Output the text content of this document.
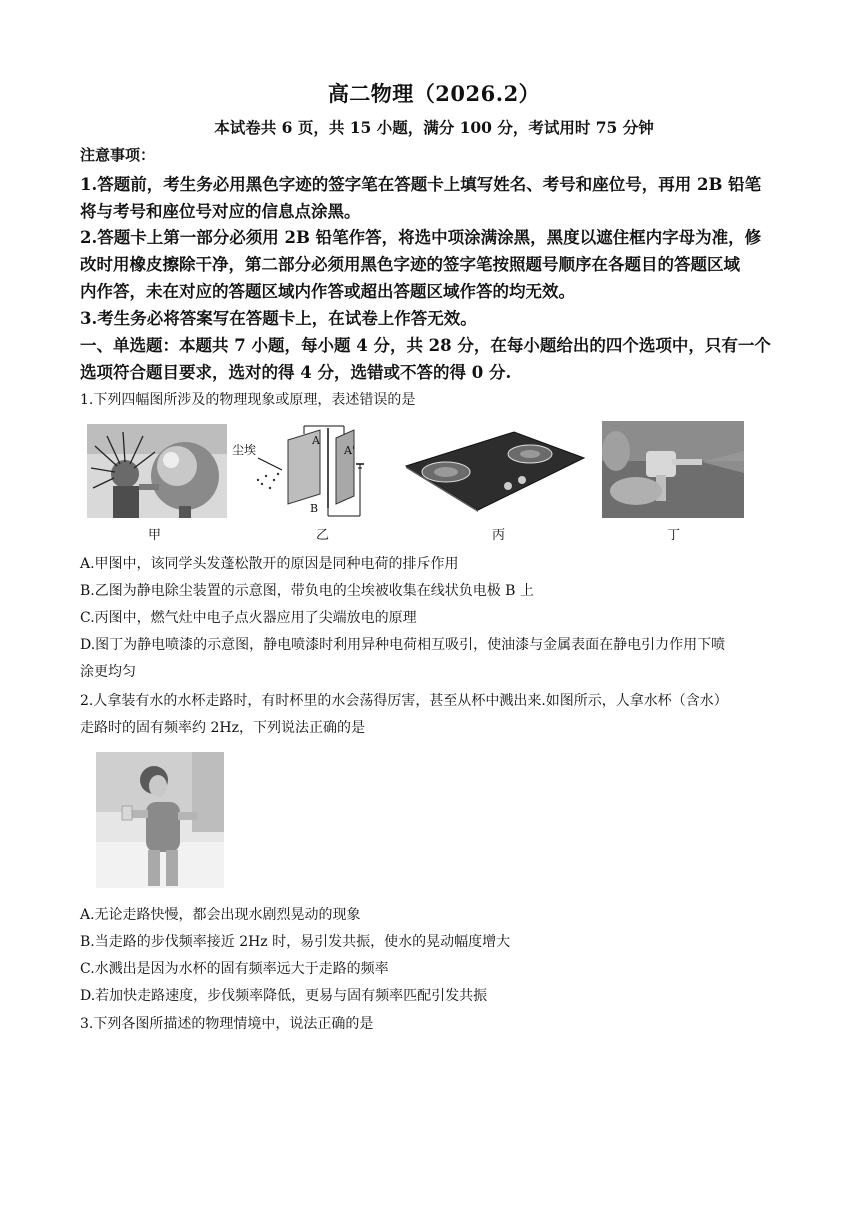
高二物理（2026.2）
本试卷共 6 页，共 15 小题，满分 100 分，考试用时 75 分钟
注意事项：
1.答题前，考生务必用黑色字迹的签字笔在答题卡上填写姓名、考号和座位号，再用 2B 铅笔
将与考号和座位号对应的信息点涂黑。
2.答题卡上第一部分必须用 2B 铅笔作答，将选中项涂满涂黑，黑度以遮住框内字母为准，修
改时用橡皮擦除干净，第二部分必须用黑色字迹的签字笔按照题号顺序在各题目的答题区域
内作答，未在对应的答题区域内作答或超出答题区域作答的均无效。
3.考生务必将答案写在答题卡上，在试卷上作答无效。
一、单选题：本题共 7 小题，每小题 4 分，共 28 分，在每小题给出的四个选项中，只有一个
选项符合题目要求，选对的得 4 分，选错或不答的得 0 分.
1.下列四幅图所涉及的物理现象或原理，表述错误的是
甲
尘埃
A
A'
B
乙	丙	丁
A.甲图中，该同学头发蓬松散开的原因是同种电荷的排斥作用
B.乙图为静电除尘装置的示意图，带负电的尘埃被收集在线状负电极 B 上
C.丙图中，燃气灶中电子点火器应用了尖端放电的原理
D.图丁为静电喷漆的示意图，静电喷漆时利用异种电荷相互吸引，使油漆与金属表面在静电引力作用下喷
涂更均匀
2.人拿装有水的水杯走路时，有时杯里的水会荡得厉害，甚至从杯中溅出来.如图所示，人拿水杯（含水）
走路时的固有频率约 2Hz，下列说法正确的是
A.无论走路快慢，都会出现水剧烈晃动的现象
B.当走路的步伐频率接近 2Hz 时，易引发共振，使水的晃动幅度增大
C.水溅出是因为水杯的固有频率远大于走路的频率
D.若加快走路速度，步伐频率降低，更易与固有频率匹配引发共振
3.下列各图所描述的物理情境中，说法正确的是
